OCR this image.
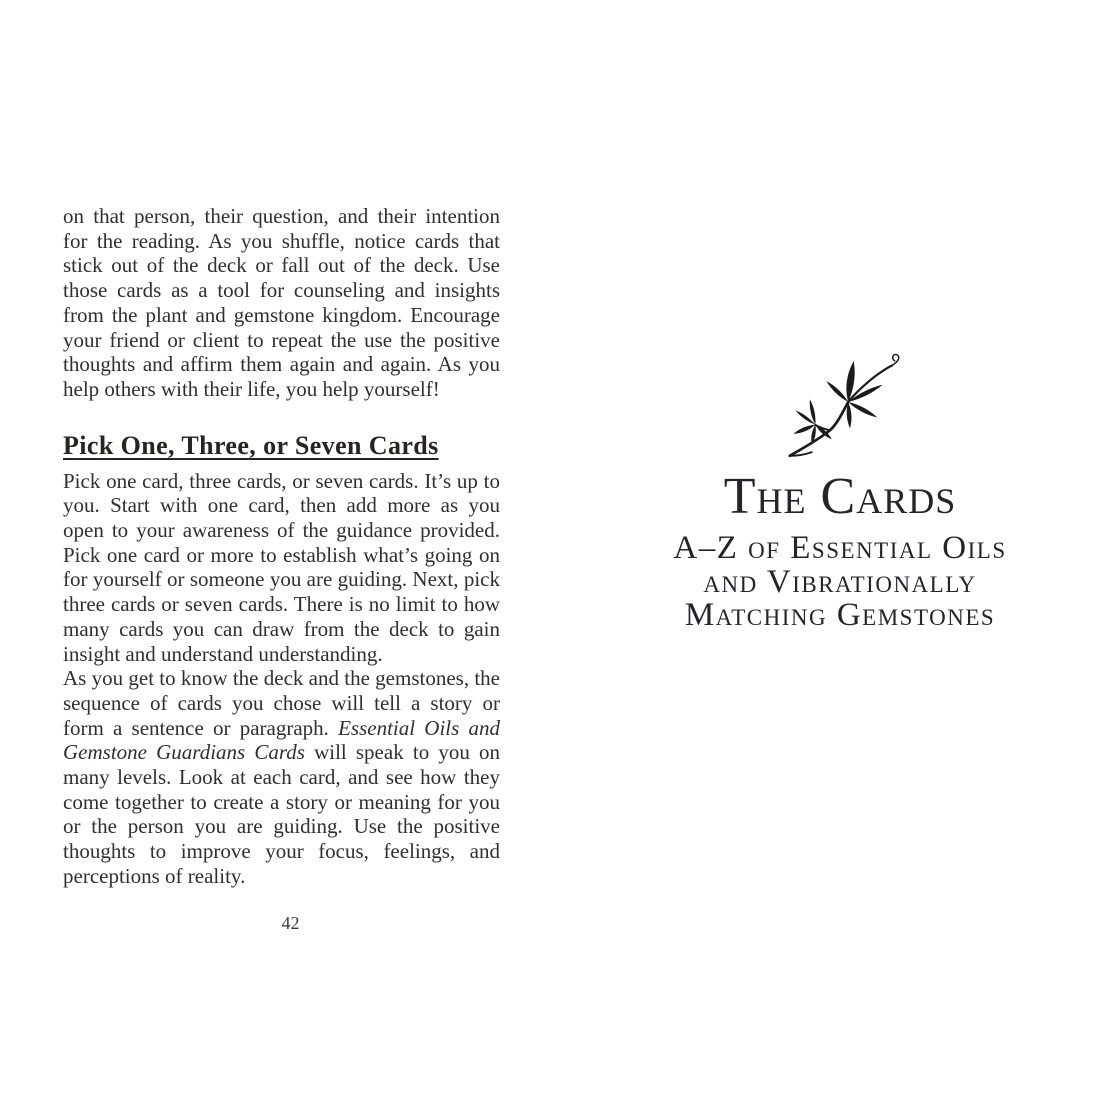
on that person, their question, and their intention for the reading. As you shuffle, notice cards that stick out of the deck or fall out of the deck. Use those cards as a tool for counseling and insights from the plant and gemstone kingdom. Encourage your friend or client to repeat the use the positive thoughts and affirm them again and again. As you help others with their life, you help yourself!

Pick One, Three, or Seven Cards

Pick one card, three cards, or seven cards. It’s up to you. Start with one card, then add more as you open to your awareness of the guidance provided. Pick one card or more to establish what’s going on for yourself or someone you are guiding. Next, pick three cards or seven cards. There is no limit to how many cards you can draw from the deck to gain insight and understand understanding.

As you get to know the deck and the gemstones, the sequence of cards you chose will tell a story or form a sentence or paragraph. Essential Oils and Gemstone Guardians Cards will speak to you on many levels. Look at each card, and see how they come together to create a story or meaning for you or the person you are guiding. Use the positive thoughts to improve your focus, feelings, and perceptions of reality.

42
The Cards
A–Z of Essential Oils
and Vibrationally
Matching Gemstones
